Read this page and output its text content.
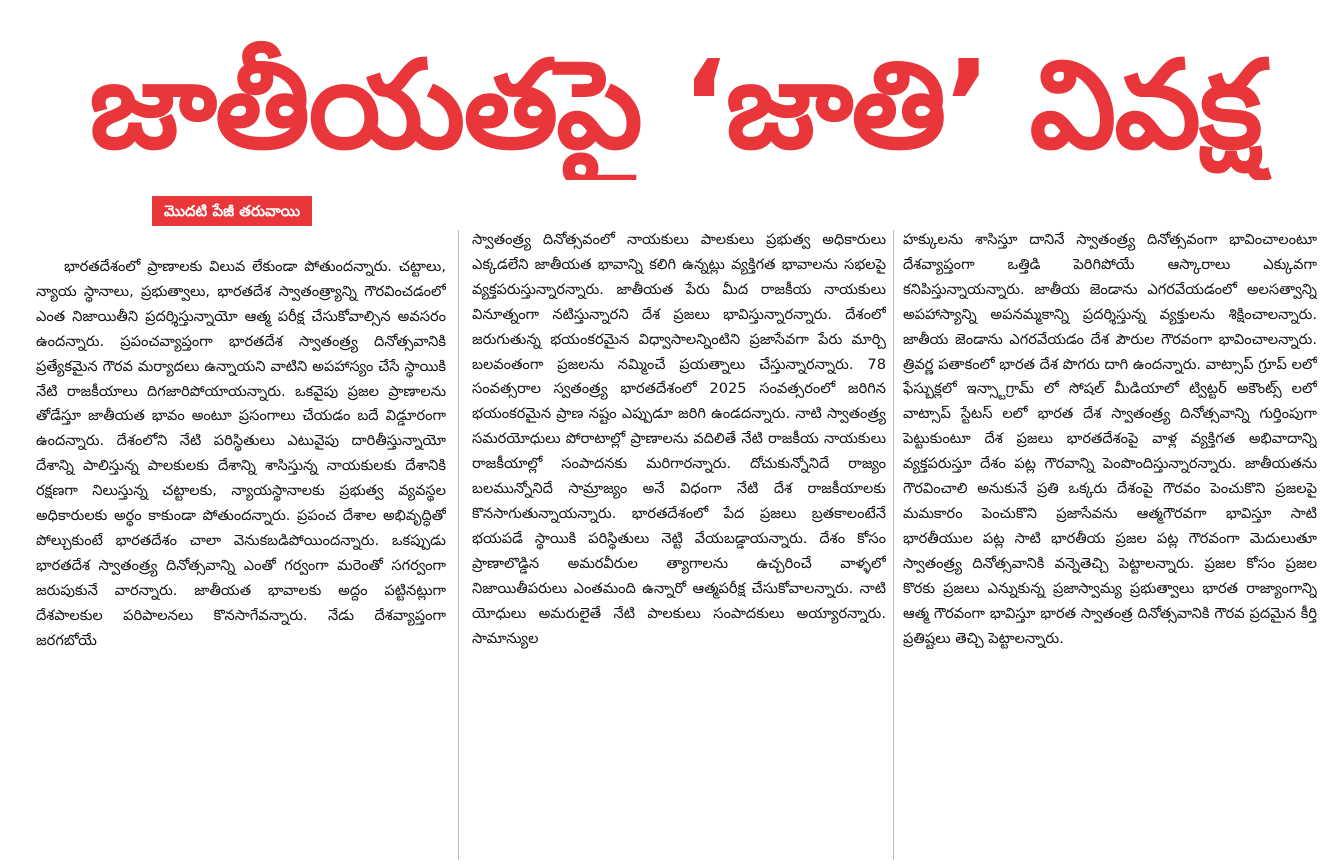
జాతీయతపై ‘జాతి’ వివక్ష
మొదటి పేజీ తరువాయి

భారతదేశంలో ప్రాణాలకు విలువ లేకుండా పోతుందన్నారు. చట్టాలు, న్యాయ స్థానాలు, ప్రభుత్వాలు, భారతదేశ స్వాతంత్ర్యాన్ని గౌరవించడంలో ఎంత నిజాయితీని ప్రదర్శిస్తున్నాయో ఆత్మ పరీక్ష చేసుకోవాల్సిన అవసరం ఉందన్నారు. ప్రపంచవ్యాప్తంగా భారతదేశ స్వాతంత్ర్య దినోత్సవానికి ప్రత్యేకమైన గౌరవ మర్యాదలు ఉన్నాయని వాటిని అపహాస్యం చేసే స్థాయికి నేటి రాజకీయాలు దిగజారిపోయాయన్నారు. ఒకవైపు ప్రజల ప్రాణాలను తోడేస్తూ జాతీయత భావం అంటూ ప్రసంగాలు చేయడం బదే విడ్డూరంగా ఉందన్నారు. దేశంలోని నేటి పరిస్థితులు ఎటువైపు దారితీస్తున్నాయో దేశాన్ని పాలిస్తున్న పాలకులకు దేశాన్ని శాసిస్తున్న నాయకులకు దేశానికి రక్షణగా నిలుస్తున్న చట్టాలకు, న్యాయస్థానాలకు ప్రభుత్వ వ్యవస్థల అధికారులకు అర్థం కాకుండా పోతుందన్నారు. ప్రపంచ దేశాల అభివృద్ధితో పోల్చుకుంటే భారతదేశం చాలా వెనుకబడిపోయిందన్నారు. ఒకప్పుడు భారతదేశ స్వాతంత్ర్య దినోత్సవాన్ని ఎంతో గర్వంగా మరెంతో సగర్వంగా జరుపుకునే వారన్నారు. జాతీయత భావాలకు అద్దం పట్టినట్లుగా దేశపాలకుల పరిపాలనలు కొనసాగేవన్నారు. నేడు దేశవ్యాప్తంగా జరగబోయే

స్వాతంత్ర్య దినోత్సవంలో నాయకులు పాలకులు ప్రభుత్వ అధికారులు ఎక్కడలేని జాతీయత భావాన్ని కలిగి ఉన్నట్లు వ్యక్తిగత భావాలను సభలపై వ్యక్తపరుస్తున్నారన్నారు. జాతీయత పేరు మీద రాజకీయ నాయకులు వినూత్నంగా నటిస్తున్నారని దేశ ప్రజలు భావిస్తున్నారన్నారు. దేశంలో జరుగుతున్న భయంకరమైన విధ్వాసాలన్నింటిని ప్రజాసేవగా పేరు మార్చి బలవంతంగా ప్రజలను నమ్మించే ప్రయత్నాలు చేస్తున్నారన్నారు. 78 సంవత్సరాల స్వతంత్ర్య భారతదేశంలో 2025 సంవత్సరంలో జరిగిన భయంకరమైన ప్రాణ నష్టం ఎప్పుడూ జరిగి ఉండదన్నారు. నాటి స్వాతంత్ర్య సమరయోధులు పోరాటాల్లో ప్రాణాలను వదిలితే నేటి రాజకీయ నాయకులు రాజకీయాల్లో సంపాదనకు మరిగారన్నారు. దోచుకున్నోనిదే రాజ్యం బలమున్నోనిదే సామ్రాజ్యం అనే విధంగా నేటి దేశ రాజకీయాలకు కొనసాగుతున్నాయన్నారు. భారతదేశంలో పేద ప్రజలు బ్రతకాలంటేనే భయపడే స్థాయికి పరిస్థితులు నెట్టి వేయబడ్డాయన్నారు. దేశం కోసం ప్రాణాలొడ్డిన అమరవీరుల త్యాగాలను ఉచ్చరించే వాళ్ళలో నిజాయితీపరులు ఎంతమంది ఉన్నారో ఆత్మపరీక్ష చేసుకోవాలన్నారు. నాటి యోధులు అమరులైతే నేటి పాలకులు సంపాదకులు అయ్యారన్నారు. సామాన్యుల

హక్కులను శాసిస్తూ దానినే స్వాతంత్ర్య దినోత్సవంగా భావించాలంటూ దేశవ్యాప్తంగా ఒత్తిడి పెరిగిపోయే ఆస్కారాలు ఎక్కువగా కనిపిస్తున్నాయన్నారు. జాతీయ జెండాను ఎగరవేయడంలో అలసత్వాన్ని అపహాస్యాన్ని అపనమ్మకాన్ని ప్రదర్శిస్తున్న వ్యక్తులను శిక్షించాలన్నారు. జాతీయ జెండాను ఎగరవేయడం దేశ పౌరుల గౌరవంగా భావించాలన్నారు. త్రివర్ణ పతాకంలో భారత దేశ పొగరు దాగి ఉందన్నారు. వాట్సాప్ గ్రూప్ లలో ఫేస్బుక్లలో ఇన్స్టాగ్రామ్ లో సోషల్ మీడియాలో ట్విట్టర్ అకౌంట్స్ లలో వాట్సాప్ స్టేటస్ లలో భారత దేశ స్వాతంత్ర్య దినోత్సవాన్ని గుర్తింపుగా పెట్టుకుంటూ దేశ ప్రజలు భారతదేశంపై వాళ్ల వ్యక్తిగత అభివాదాన్ని వ్యక్తపరుస్తూ దేశం పట్ల గౌరవాన్ని పెంపొందిస్తున్నారన్నారు. జాతీయతను గౌరవించాలి అనుకునే ప్రతి ఒక్కరు దేశంపై గౌరవం పెంచుకొని ప్రజలపై మమకారం పెంచుకొని ప్రజాసేవను ఆత్మగౌరవగా భావిస్తూ సాటి భారతీయుల పట్ల సాటి భారతీయ ప్రజల పట్ల గౌరవంగా మెదులుతూ స్వాతంత్ర్య దినోత్సవానికి వన్నెతెచ్చి పెట్టాలన్నారు. ప్రజల కోసం ప్రజల కొరకు ప్రజలు ఎన్నుకున్న ప్రజాస్వామ్య ప్రభుత్వాలు భారత రాజ్యాంగాన్ని ఆత్మ గౌరవంగా భావిస్తూ భారత స్వాతంత్ర దినోత్సవానికి గౌరవ ప్రదమైన కీర్తి ప్రతిష్టలు తెచ్చి పెట్టాలన్నారు.
